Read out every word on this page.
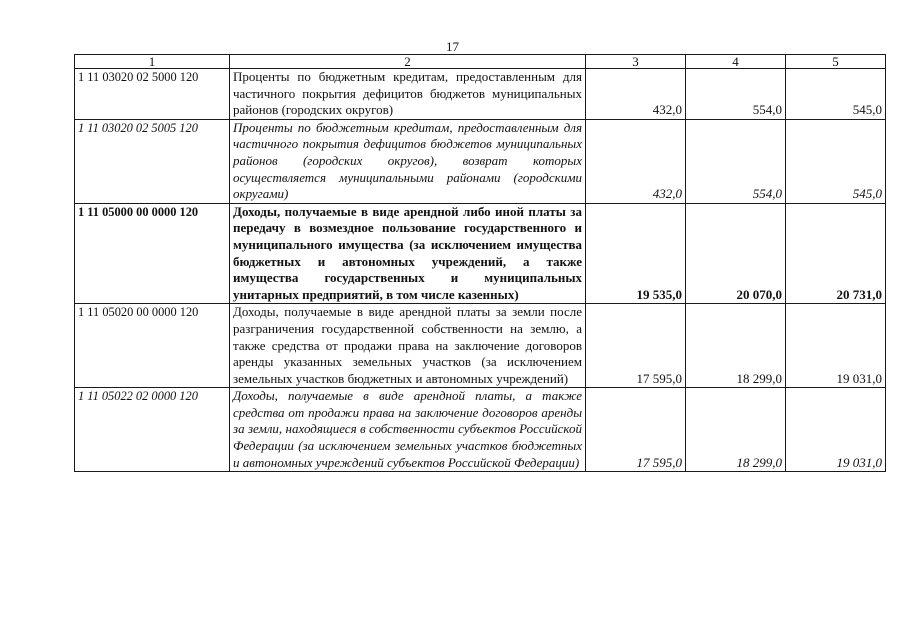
17
1	2	3	4	5
1 11 03020 02 5000 120	Проценты по бюджетным кредитам, предоставленным для частичного покрытия дефицитов бюджетов муниципальных районов (городских округов)	432,0	554,0	545,0
1 11 03020 02 5005 120	Проценты по бюджетным кредитам, предоставленным для частичного покрытия дефицитов бюджетов муниципальных районов (городских округов), возврат которых осуществляется муниципальными районами (городскими округами)	432,0	554,0	545,0
1 11 05000 00 0000 120	Доходы, получаемые в виде арендной либо иной платы за передачу в возмездное пользование государственного и муниципального имущества (за исключением имущества бюджетных и автономных учреждений, а также имущества государственных и муниципальных унитарных предприятий, в том числе казенных)	19 535,0	20 070,0	20 731,0
1 11 05020 00 0000 120	Доходы, получаемые в виде арендной платы за земли после разграничения государственной собственности на землю, а также средства от продажи права на заключение договоров аренды указанных земельных участков (за исключением земельных участков бюджетных и автономных учреждений)	17 595,0	18 299,0	19 031,0
1 11 05022 02 0000 120	Доходы, получаемые в виде арендной платы, а также средства от продажи права на заключение договоров аренды за земли, находящиеся в собственности субъектов Российской Федерации (за исключением земельных участков бюджетных и автономных учреждений субъектов Российской Федерации)	17 595,0	18 299,0	19 031,0
